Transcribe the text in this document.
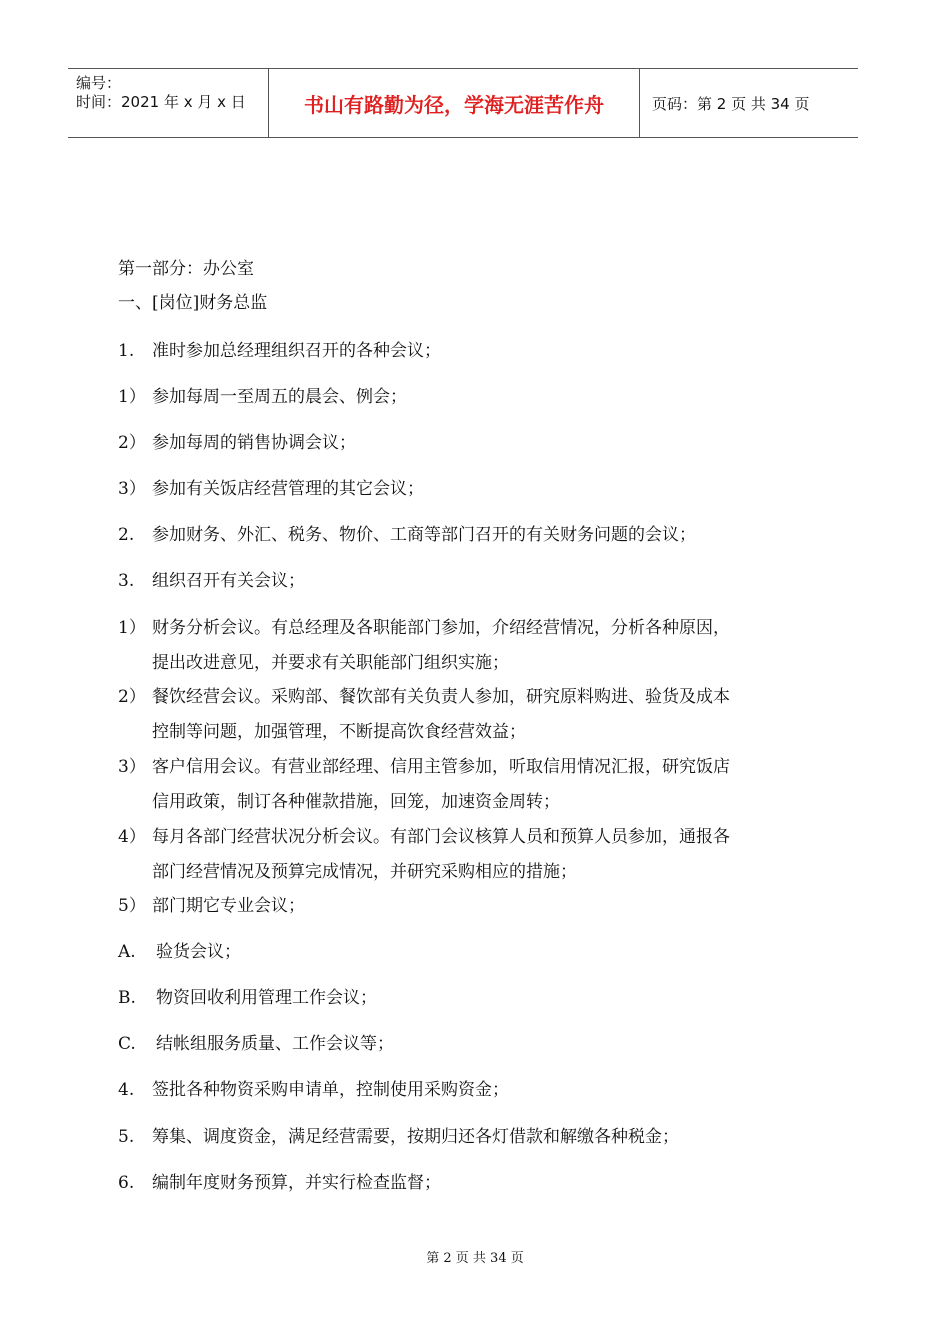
编号：
时间：2021 年 x 月 x 日	书山有路勤为径，学海无涯苦作舟	页码：第 2 页 共 34 页
第一部分：办公室
一、[岗位]财务总监
1. 准时参加总经理组织召开的各种会议；
1） 参加每周一至周五的晨会、例会；
2） 参加每周的销售协调会议；
3） 参加有关饭店经营管理的其它会议；
2. 参加财务、外汇、税务、物价、工商等部门召开的有关财务问题的会议；
3. 组织召开有关会议；
1） 财务分析会议。有总经理及各职能部门参加，介绍经营情况，分析各种原因，
提出改进意见，并要求有关职能部门组织实施；
2） 餐饮经营会议。采购部、餐饮部有关负责人参加，研究原料购进、验货及成本
控制等问题，加强管理，不断提高饮食经营效益；
3） 客户信用会议。有营业部经理、信用主管参加，听取信用情况汇报，研究饭店
信用政策，制订各种催款措施，回笼，加速资金周转；
4） 每月各部门经营状况分析会议。有部门会议核算人员和预算人员参加，通报各
部门经营情况及预算完成情况，并研究采购相应的措施；
5） 部门期它专业会议；
A. 验货会议；
B. 物资回收利用管理工作会议；
C. 结帐组服务质量、工作会议等；
4. 签批各种物资采购申请单，控制使用采购资金；
5. 筹集、调度资金，满足经营需要，按期归还各灯借款和解缴各种税金；
6. 编制年度财务预算，并实行检查监督；
第 2 页 共 34 页
